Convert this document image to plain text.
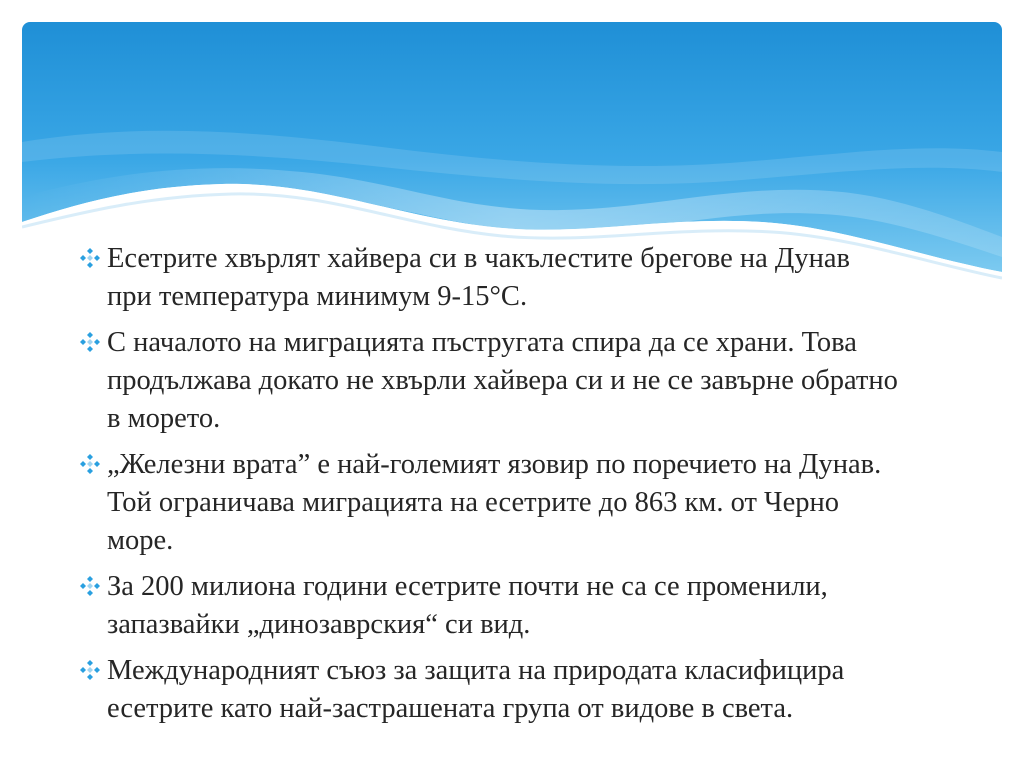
Есетрите хвърлят хайвера си в чакълестите брегове на Дунав при температура минимум 9-15°С.
С началото на миграцията пъстругата спира да се храни. Това продължава докато не хвърли хайвера си и не се завърне обратно в морето.
„Железни врата” е най-големият язовир по поречието на Дунав. Той ограничава миграцията на есетрите до 863 км. от Черно море.
За 200 милиона години есетрите почти не са се променили, запазвайки „динозаврския“ си вид.
Международният съюз за защита на природата класифицира есетрите като най-застрашената група от видове в света.
